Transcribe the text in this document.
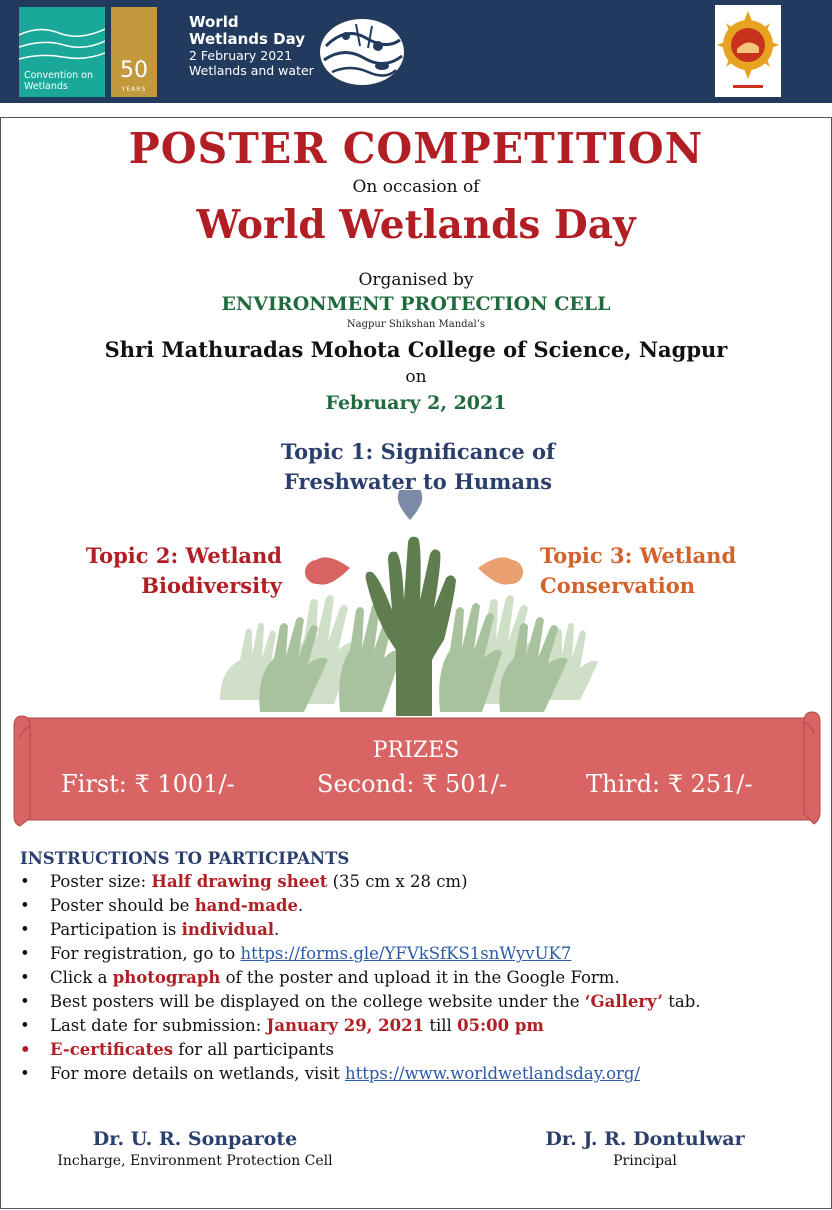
Convention on
Wetlands
50
YEARS
World
Wetlands Day
2 February 2021
Wetlands and water
POSTER COMPETITION
On occasion of
World Wetlands Day
Organised by
ENVIRONMENT PROTECTION CELL
Nagpur Shikshan Mandal’s
Shri Mathuradas Mohota College of Science, Nagpur
on
February 2, 2021
Topic 1: Significance of
Freshwater to Humans
Topic 2: Wetland
Biodiversity
Topic 3: Wetland
Conservation
PRIZES
First: ₹ 1001/-	Second: ₹ 501/-	Third: ₹ 251/-
INSTRUCTIONS TO PARTICIPANTS
• Poster size: Half drawing sheet (35 cm x 28 cm)
• Poster should be hand-made.
• Participation is individual.
• For registration, go to https://forms.gle/YFVkSfKS1snWyvUK7
• Click a photograph of the poster and upload it in the Google Form.
• Best posters will be displayed on the college website under the ‘Gallery’ tab.
• Last date for submission: January 29, 2021 till 05:00 pm
• E-certificates for all participants
• For more details on wetlands, visit https://www.worldwetlandsday.org/
Dr. U. R. Sonparote
Incharge, Environment Protection Cell
Dr. J. R. Dontulwar
Principal
